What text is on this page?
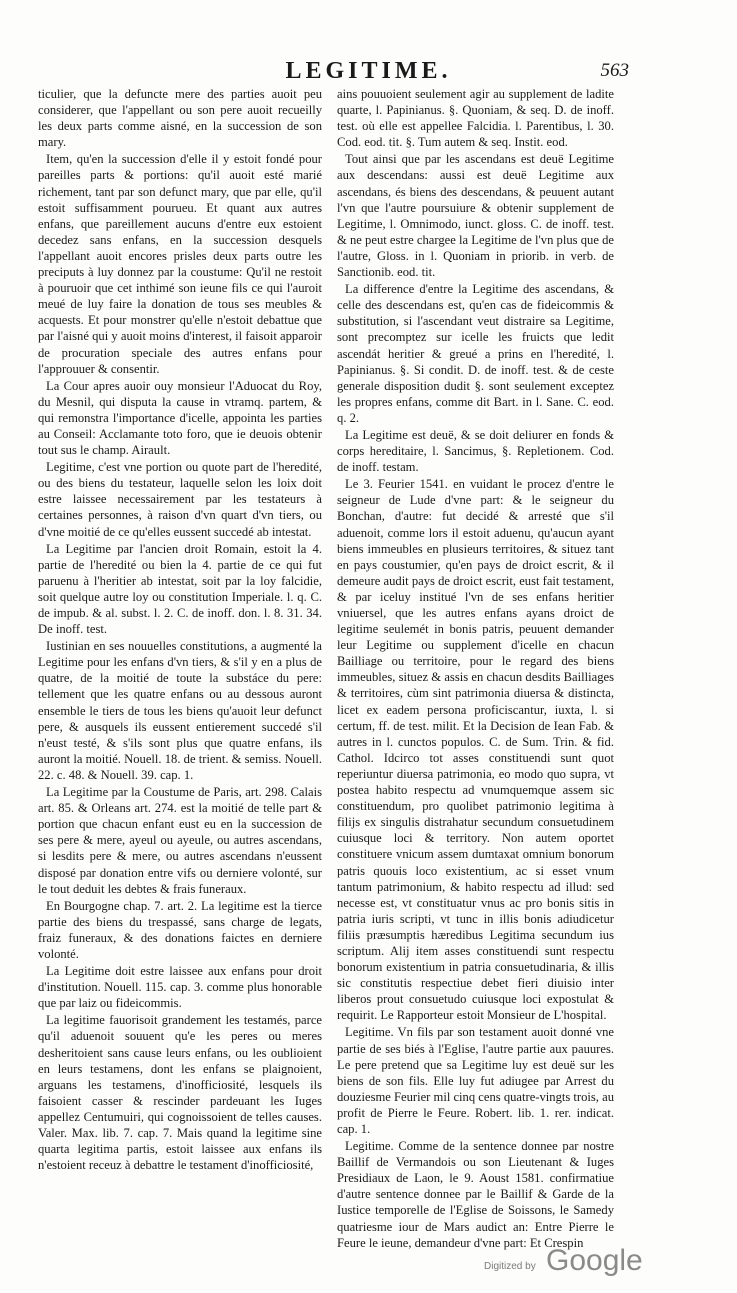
LEGITIME.	563

ticulier, que la defuncte mere des parties auoit peu considerer, que l'appellant ou son pere auoit recueilly les deux parts comme aisné, en la succession de son mary.

Item, qu'en la succession d'elle il y estoit fondé pour pareilles parts & portions: qu'il auoit esté marié richement, tant par son defunct mary, que par elle, qu'il estoit suffisamment pourueu. Et quant aux autres enfans, que pareillement aucuns d'entre eux estoient decedez sans enfans, en la succession desquels l'appellant auoit encores prisles deux parts outre les preciputs à luy donnez par la coustume: Qu'il ne restoit à pouruoir que cet inthimé son ieune fils ce qui l'auroit meué de luy faire la donation de tous ses meubles & acquests. Et pour monstrer qu'elle n'estoit debattue que par l'aisné qui y auoit moins d'interest, il faisoit apparoir de procuration speciale des autres enfans pour l'approuuer & consentir.

La Cour apres auoir ouy monsieur l'Aduocat du Roy, du Mesnil, qui disputa la cause in vtramq. partem, & qui remonstra l'importance d'icelle, appointa les parties au Conseil: Acclamante toto foro, que ie deuois obtenir tout sus le champ. Airault.

Legitime, c'est vne portion ou quote part de l'heredité, ou des biens du testateur, laquelle selon les loix doit estre laissee necessairement par les testateurs à certaines personnes, à raison d'vn quart d'vn tiers, ou d'vne moitié de ce qu'elles eussent succedé ab intestat.

La Legitime par l'ancien droit Romain, estoit la 4. partie de l'heredité ou bien la 4. partie de ce qui fut paruenu à l'heritier ab intestat, soit par la loy falcidie, soit quelque autre loy ou constitution Imperiale. l. q. C. de impub. & al. subst. l. 2. C. de inoff. don. l. 8. 31. 34. De inoff. test.

Iustinian en ses nouuelles constitutions, a augmenté la Legitime pour les enfans d'vn tiers, & s'il y en a plus de quatre, de la moitié de toute la substáce du pere: tellement que les quatre enfans ou au dessous auront ensemble le tiers de tous les biens qu'auoit leur defunct pere, & ausquels ils eussent entierement succedé s'il n'eust testé, & s'ils sont plus que quatre enfans, ils auront la moitié. Nouell. 18. de trient. & semiss. Nouell. 22. c. 48. & Nouell. 39. cap. 1.

La Legitime par la Coustume de Paris, art. 298. Calais art. 85. & Orleans art. 274. est la moitié de telle part & portion que chacun enfant eust eu en la succession de ses pere & mere, ayeul ou ayeule, ou autres ascendans, si lesdits pere & mere, ou autres ascendans n'eussent disposé par donation entre vifs ou derniere volonté, sur le tout deduit les debtes & frais funeraux.

En Bourgogne chap. 7. art. 2. La legitime est la tierce partie des biens du trespassé, sans charge de legats, fraiz funeraux, & des donations faictes en derniere volonté.

La Legitime doit estre laissee aux enfans pour droit d'institution. Nouell. 115. cap. 3. comme plus honorable que par laiz ou fideicommis.

La legitime fauorisoit grandement les testamés, parce qu'il aduenoit souuent qu'e les peres ou meres desheritoient sans cause leurs enfans, ou les oublioient en leurs testamens, dont les enfans se plaignoient, arguans les testamens, d'inofficiosité, lesquels ils faisoient casser & rescinder pardeuant les Iuges appellez Centumuiri, qui cognoissoient de telles causes. Valer. Max. lib. 7. cap. 7. Mais quand la legitime sine quarta legitima partis, estoit laissee aux enfans ils n'estoient receuz à debattre le testament d'inofficiosité,

ains pouuoient seulement agir au supplement de ladite quarte, l. Papinianus. §. Quoniam, & seq. D. de inoff. test. où elle est appellee Falcidia. l. Parentibus, l. 30. Cod. eod. tit. §. Tum autem & seq. Instit. eod.

Tout ainsi que par les ascendans est deuë Legitime aux descendans: aussi est deuë Legitime aux ascendans, és biens des descendans, & peuuent autant l'vn que l'autre poursuiure & obtenir supplement de Legitime, l. Omnimodo, iunct. gloss. C. de inoff. test. & ne peut estre chargee la Legitime de l'vn plus que de l'autre, Gloss. in l. Quoniam in priorib. in verb. de Sanctionib. eod. tit.

La difference d'entre la Legitime des ascendans, & celle des descendans est, qu'en cas de fideicommis & substitution, si l'ascendant veut distraire sa Legitime, sont precomptez sur icelle les fruicts que ledit ascendát heritier & greué a prins en l'heredité, l. Papinianus. §. Si condit. D. de inoff. test. & de ceste generale disposition dudit §. sont seulement exceptez les propres enfans, comme dit Bart. in l. Sane. C. eod. q. 2.

La Legitime est deuë, & se doit deliurer en fonds & corps hereditaire, l. Sancimus, §. Repletionem. Cod. de inoff. testam.

Le 3. Feurier 1541. en vuidant le procez d'entre le seigneur de Lude d'vne part: & le seigneur du Bonchan, d'autre: fut decidé & arresté que s'il aduenoit, comme lors il estoit aduenu, qu'aucun ayant biens immeubles en plusieurs territoires, & situez tant en pays coustumier, qu'en pays de droict escrit, & il demeure audit pays de droict escrit, eust fait testament, & par iceluy institué l'vn de ses enfans heritier vniuersel, que les autres enfans ayans droict de legitime seulemét in bonis patris, peuuent demander leur Legitime ou supplement d'icelle en chacun Bailliage ou territoire, pour le regard des biens immeubles, situez & assis en chacun desdits Bailliages & territoires, cùm sint patrimonia diuersa & distincta, licet ex eadem persona proficiscantur, iuxta, l. si certum, ff. de test. milit. Et la Decision de Iean Fab. & autres in l. cunctos populos. C. de Sum. Trin. & fid. Cathol. Idcirco tot asses constituendi sunt quot reperiuntur diuersa patrimonia, eo modo quo supra, vt postea habito respectu ad vnumquemque assem sic constituendum, pro quolibet patrimonio legitima à filijs ex singulis distrahatur secundum consuetudinem cuiusque loci & territory. Non autem oportet constituere vnicum assem dumtaxat omnium bonorum patris quouis loco existentium, ac si esset vnum tantum patrimonium, & habito respectu ad illud: sed necesse est, vt constituatur vnus ac pro bonis sitis in patria iuris scripti, vt tunc in illis bonis adiudicetur filiis præsumptis hæredibus Legitima secundum ius scriptum. Alij item asses constituendi sunt respectu bonorum existentium in patria consuetudinaria, & illis sic constitutis respectiue debet fieri diuisio inter liberos prout consuetudo cuiusque loci expostulat & requirit. Le Rapporteur estoit Monsieur de L'hospital.

Legitime. Vn fils par son testament auoit donné vne partie de ses biés à l'Eglise, l'autre partie aux pauures. Le pere pretend que sa Legitime luy est deuë sur les biens de son fils. Elle luy fut adiugee par Arrest du douziesme Feurier mil cinq cens quatre-vingts trois, au profit de Pierre le Feure. Robert. lib. 1. rer. indicat. cap. 1.

Legitime. Comme de la sentence donnee par nostre Baillif de Vermandois ou son Lieutenant & Iuges Presidiaux de Laon, le 9. Aoust 1581. confirmatiue d'autre sentence donnee par le Baillif & Garde de la Iustice temporelle de l'Eglise de Soissons, le Samedy quatriesme iour de Mars audict an: Entre Pierre le Feure le ieune, demandeur d'vne part: Et Crespin

Digitized by Google
